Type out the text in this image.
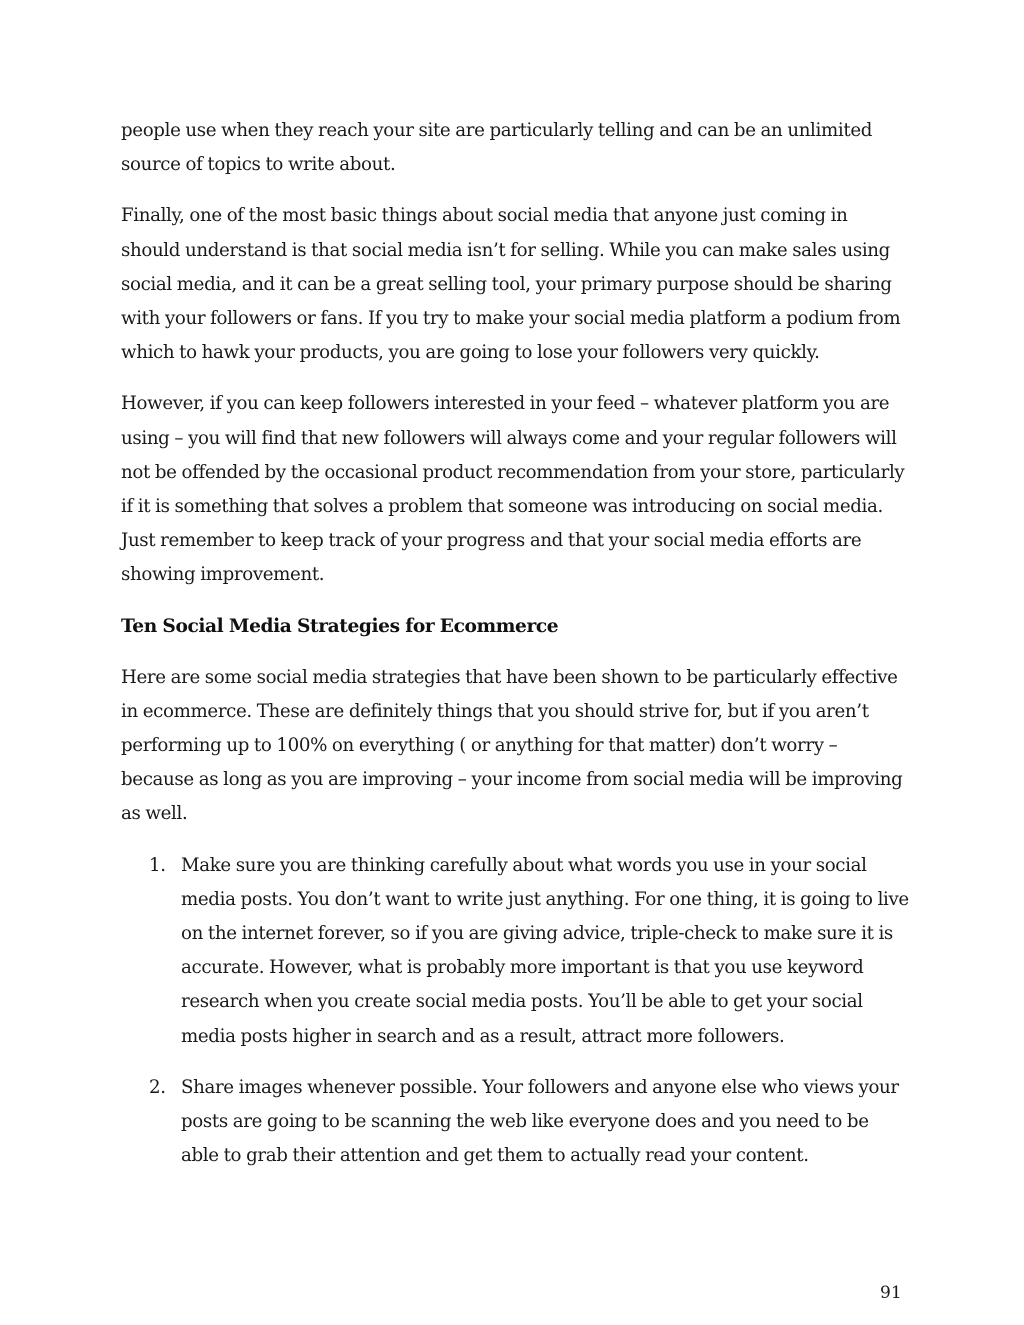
people use when they reach your site are particularly telling and can be an unlimited source of topics to write about.

Finally, one of the most basic things about social media that anyone just coming in should understand is that social media isn’t for selling. While you can make sales using social media, and it can be a great selling tool, your primary purpose should be sharing with your followers or fans. If you try to make your social media platform a podium from which to hawk your products, you are going to lose your followers very quickly.

However, if you can keep followers interested in your feed – whatever platform you are using – you will find that new followers will always come and your regular followers will not be offended by the occasional product recommendation from your store, particularly if it is something that solves a problem that someone was introducing on social media. Just remember to keep track of your progress and that your social media efforts are showing improvement.

Ten Social Media Strategies for Ecommerce

Here are some social media strategies that have been shown to be particularly effective in ecommerce. These are definitely things that you should strive for, but if you aren’t performing up to 100% on everything ( or anything for that matter) don’t worry – because as long as you are improving – your income from social media will be improving as well.

1. Make sure you are thinking carefully about what words you use in your social media posts. You don’t want to write just anything. For one thing, it is going to live on the internet forever, so if you are giving advice, triple-check to make sure it is accurate. However, what is probably more important is that you use keyword research when you create social media posts. You’ll be able to get your social media posts higher in search and as a result, attract more followers.
2. Share images whenever possible. Your followers and anyone else who views your posts are going to be scanning the web like everyone does and you need to be able to grab their attention and get them to actually read your content.
91
